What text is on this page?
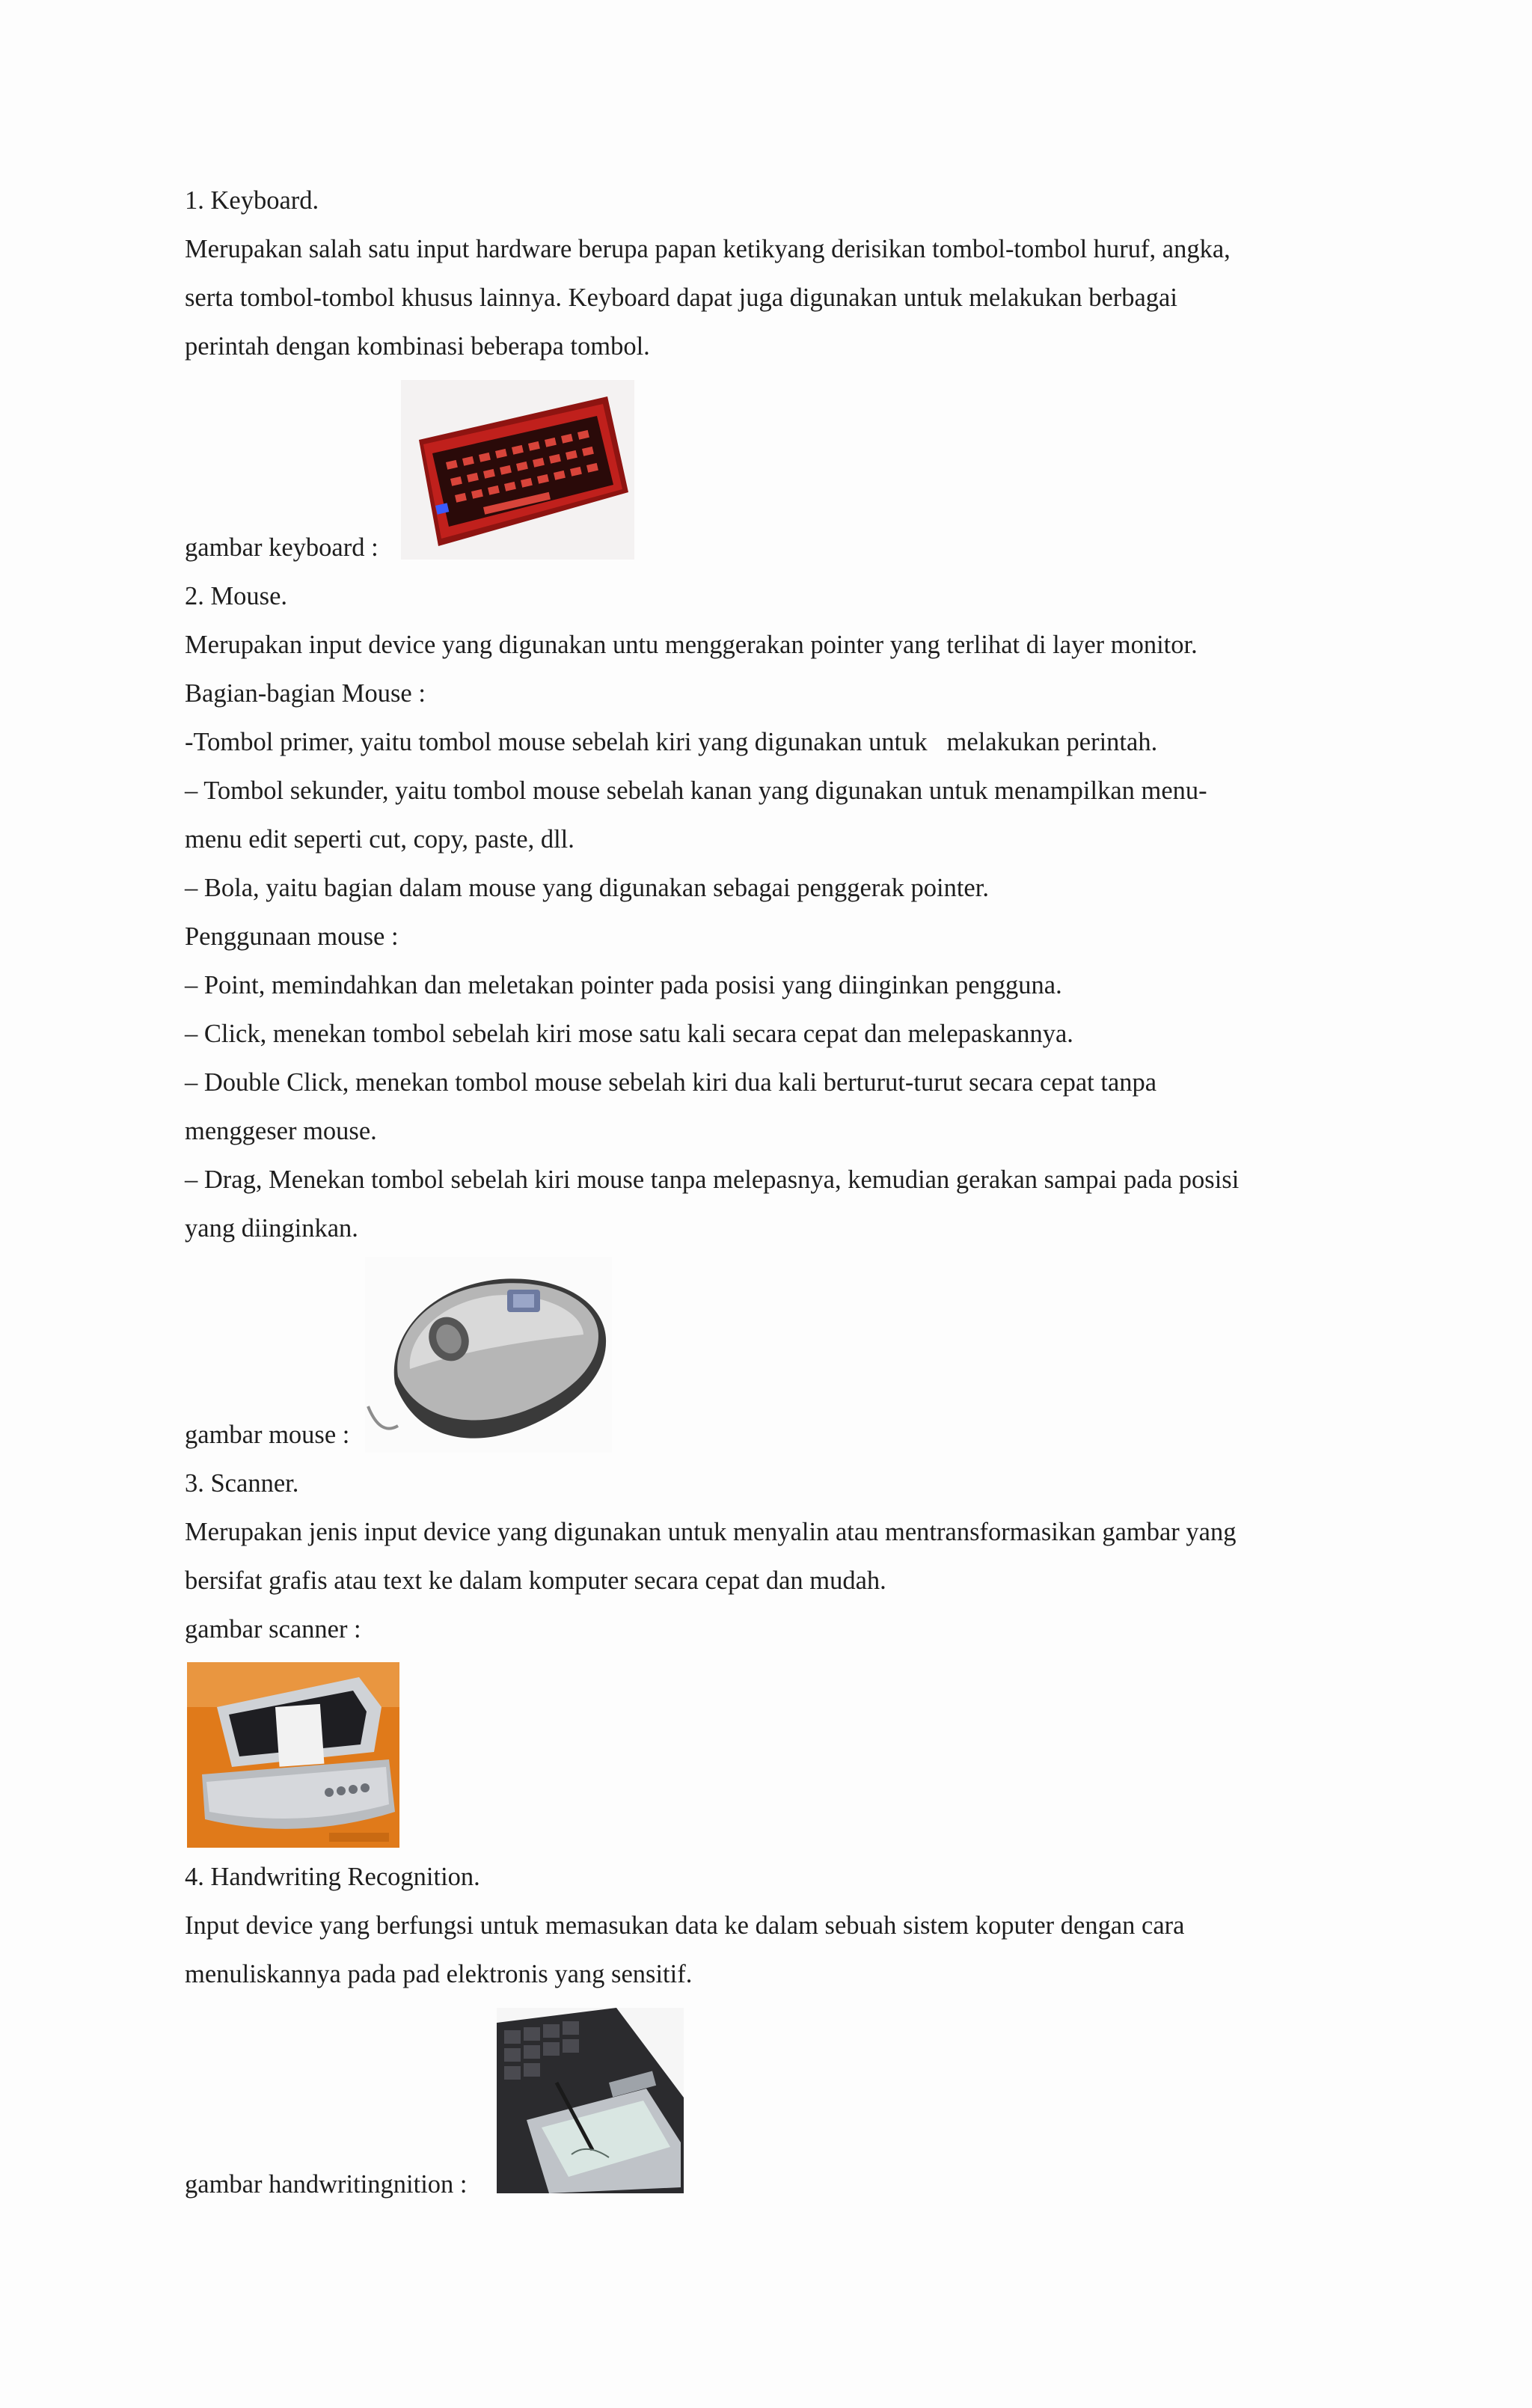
1. Keyboard.
Merupakan salah satu input hardware berupa papan ketikyang derisikan tombol-tombol huruf, angka,
serta tombol-tombol khusus lainnya. Keyboard dapat juga digunakan untuk melakukan berbagai
perintah dengan kombinasi beberapa tombol.
gambar keyboard :
2. Mouse.
Merupakan input device yang digunakan untu menggerakan pointer yang terlihat di layer monitor.
Bagian-bagian Mouse :
-Tombol primer, yaitu tombol mouse sebelah kiri yang digunakan untuk   melakukan perintah.
– Tombol sekunder, yaitu tombol mouse sebelah kanan yang digunakan untuk menampilkan menu-
menu edit seperti cut, copy, paste, dll.
– Bola, yaitu bagian dalam mouse yang digunakan sebagai penggerak pointer.
Penggunaan mouse :
– Point, memindahkan dan meletakan pointer pada posisi yang diinginkan pengguna.
– Click, menekan tombol sebelah kiri mose satu kali secara cepat dan melepaskannya.
– Double Click, menekan tombol mouse sebelah kiri dua kali berturut-turut secara cepat tanpa
menggeser mouse.
– Drag, Menekan tombol sebelah kiri mouse tanpa melepasnya, kemudian gerakan sampai pada posisi
yang diinginkan.
gambar mouse :
3. Scanner.
Merupakan jenis input device yang digunakan untuk menyalin atau mentransformasikan gambar yang
bersifat grafis atau text ke dalam komputer secara cepat dan mudah.
gambar scanner :
4. Handwriting Recognition.
Input device yang berfungsi untuk memasukan data ke dalam sebuah sistem koputer dengan cara
menuliskannya pada pad elektronis yang sensitif.
gambar handwritingnition :
